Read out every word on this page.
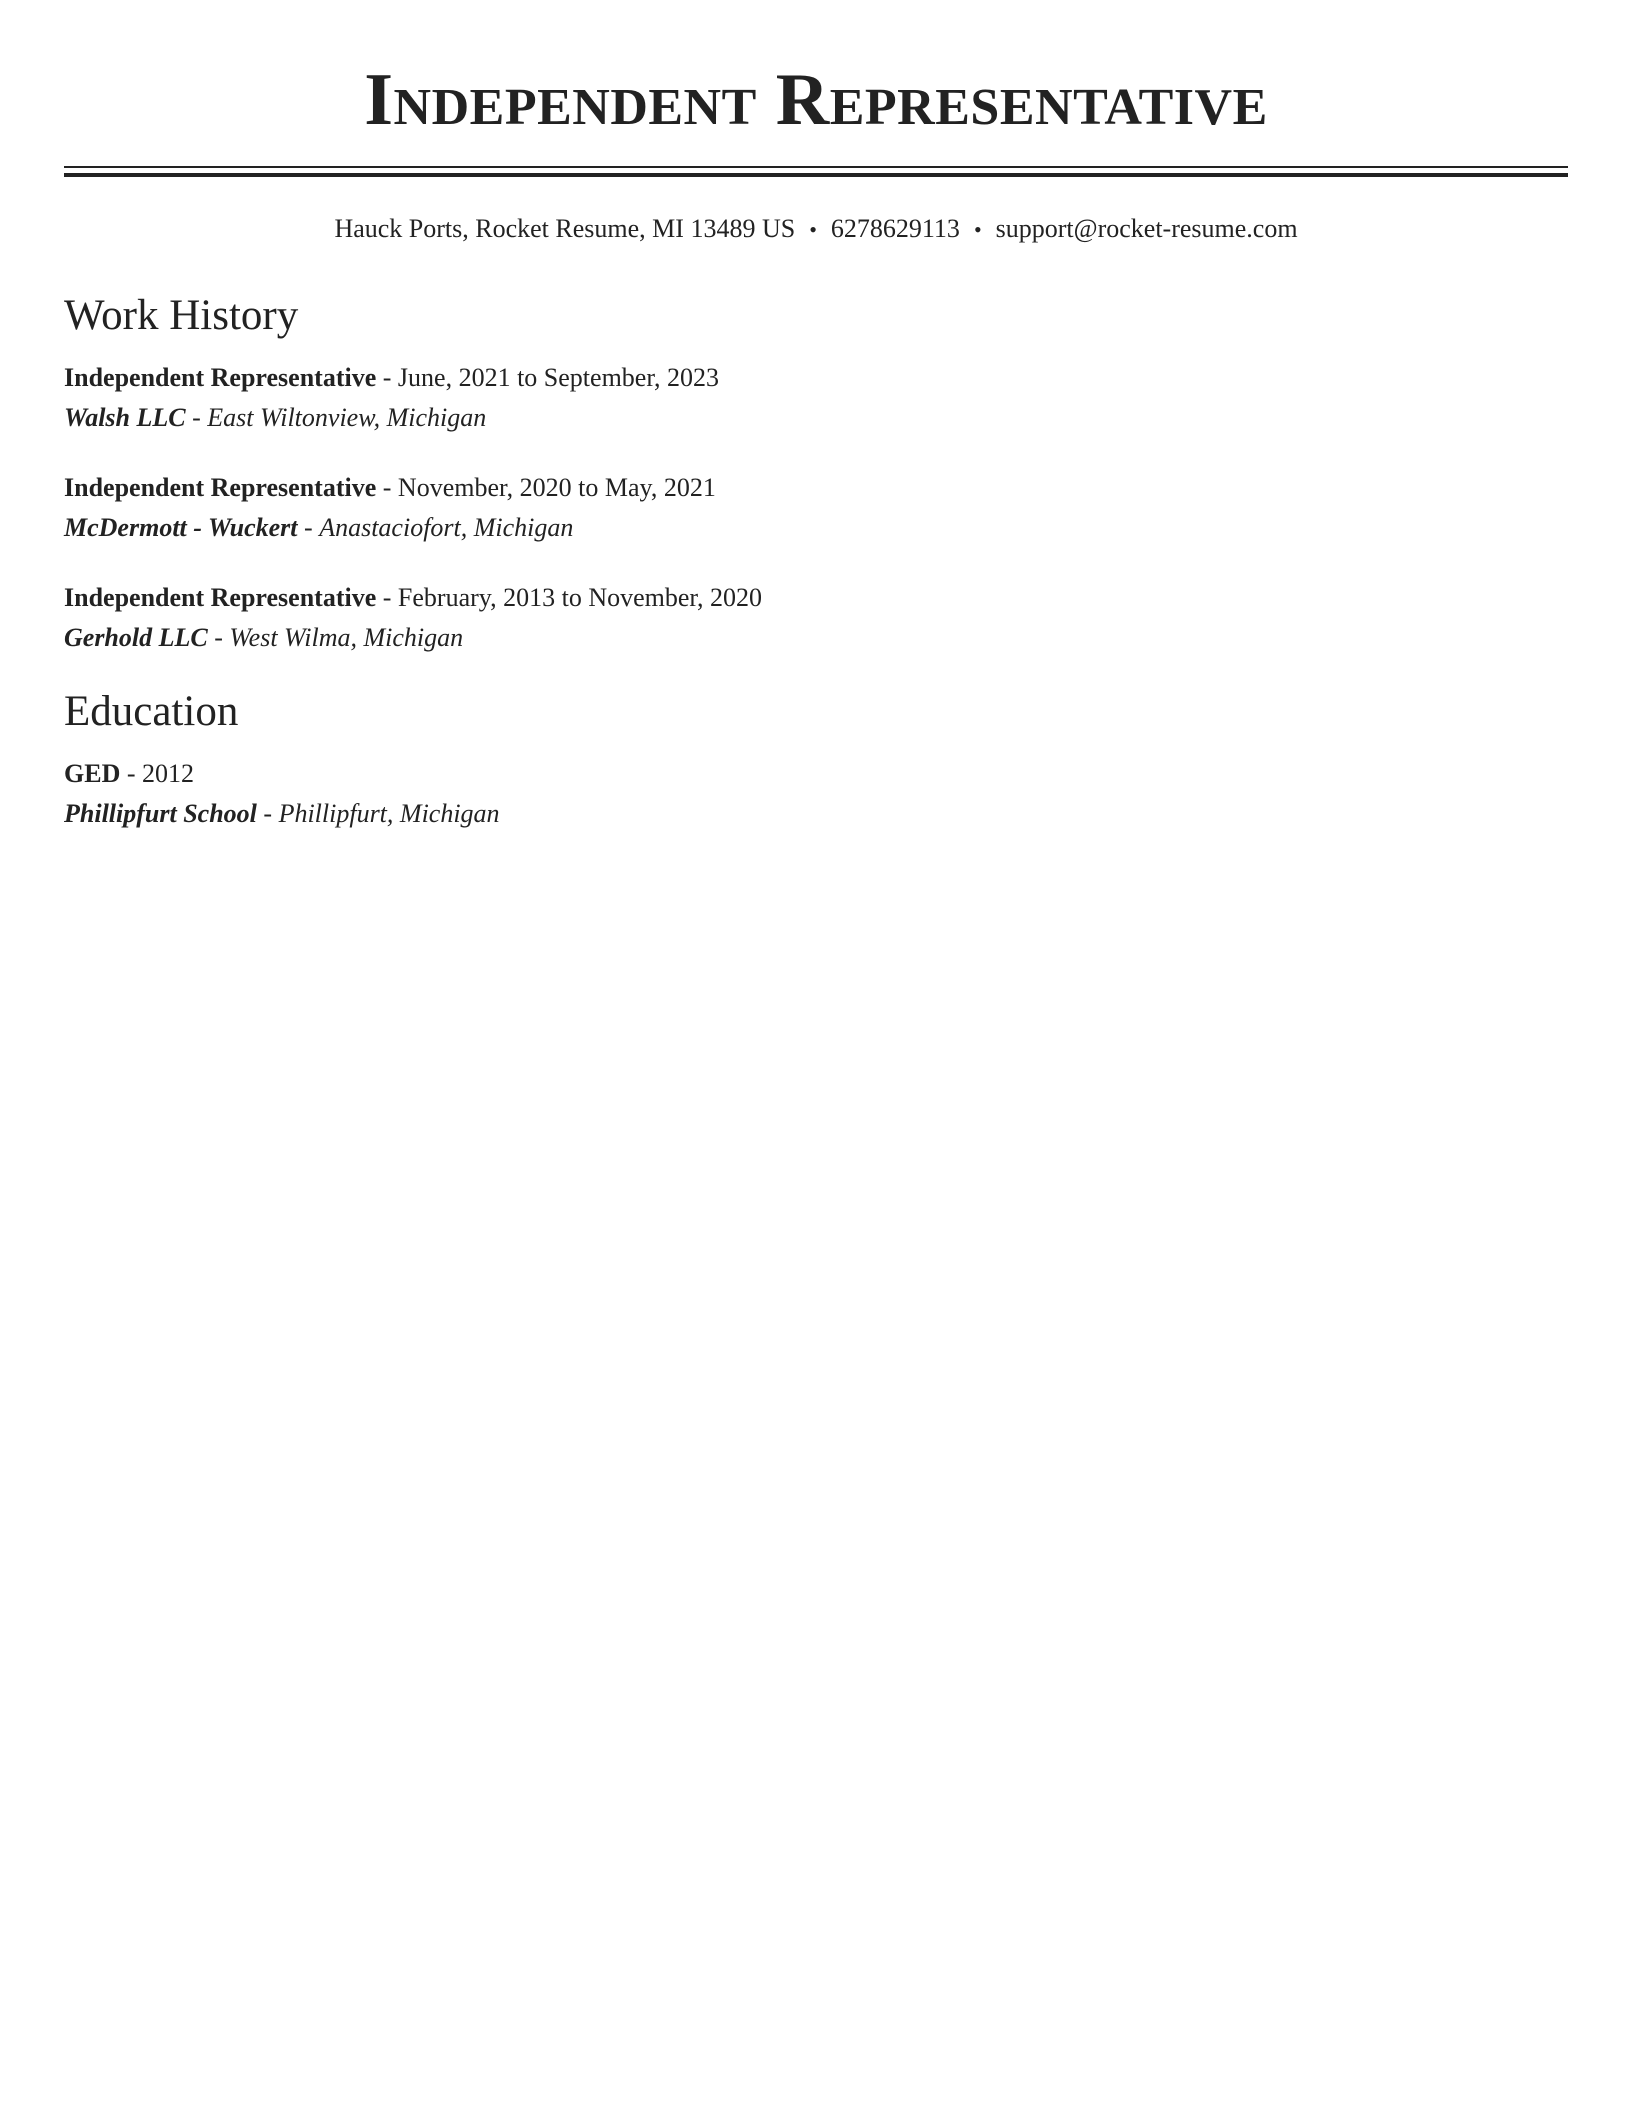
Independent Representative
Hauck Ports, Rocket Resume, MI 13489 US • 6278629113 • support@rocket-resume.com
Work History
Independent Representative - June, 2021 to September, 2023
Walsh LLC - East Wiltonview, Michigan
Independent Representative - November, 2020 to May, 2021
McDermott - Wuckert - Anastaciofort, Michigan
Independent Representative - February, 2013 to November, 2020
Gerhold LLC - West Wilma, Michigan
Education
GED - 2012
Phillipfurt School - Phillipfurt, Michigan
